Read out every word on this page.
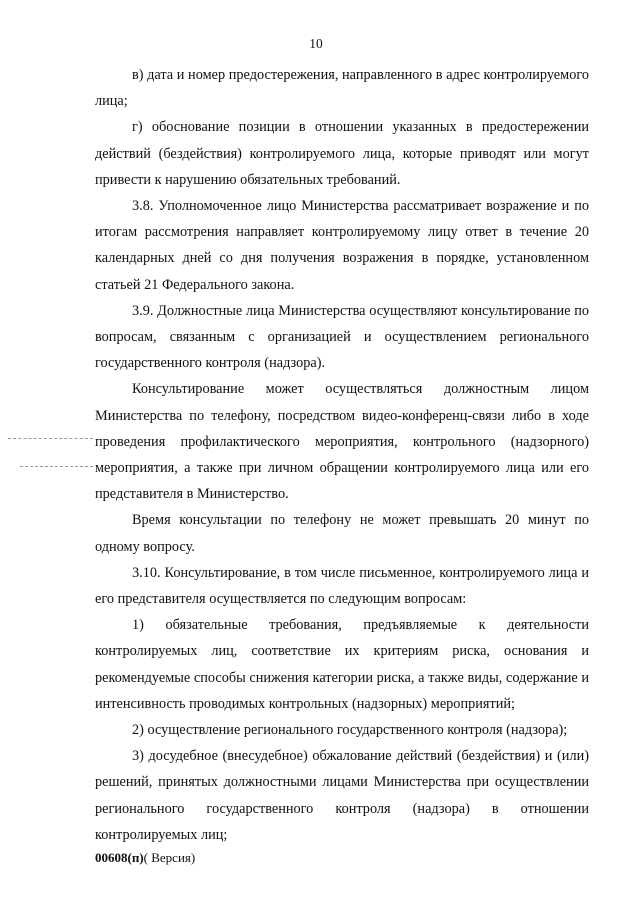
10

в) дата и номер предостережения, направленного в адрес контролируемого лица;

г) обоснование позиции в отношении указанных в предостережении действий (бездействия) контролируемого лица, которые приводят или могут привести к нарушению обязательных требований.

3.8. Уполномоченное лицо Министерства рассматривает возражение и по итогам рассмотрения направляет контролируемому лицу ответ в течение 20 календарных дней со дня получения возражения в порядке, установленном статьей 21 Федерального закона.

3.9. Должностные лица Министерства осуществляют консультирование по вопросам, связанным с организацией и осуществлением регионального государственного контроля (надзора).

Консультирование может осуществляться должностным лицом Министерства по телефону, посредством видео-конференц-связи либо в ходе проведения профилактического мероприятия, контрольного (надзорного) мероприятия, а также при личном обращении контролируемого лица или его представителя в Министерство.

Время консультации по телефону не может превышать 20 минут по одному вопросу.

3.10. Консультирование, в том числе письменное, контролируемого лица и его представителя осуществляется по следующим вопросам:

1) обязательные требования, предъявляемые к деятельности контролируемых лиц, соответствие их критериям риска, основания и рекомендуемые способы снижения категории риска, а также виды, содержание и интенсивность проводимых контрольных (надзорных) мероприятий;

2) осуществление регионального государственного контроля (надзора);

3) досудебное (внесудебное) обжалование действий (бездействия) и (или) решений, принятых должностными лицами Министерства при осуществлении регионального государственного контроля (надзора) в отношении контролируемых лиц;

00608(п)( Версия)
